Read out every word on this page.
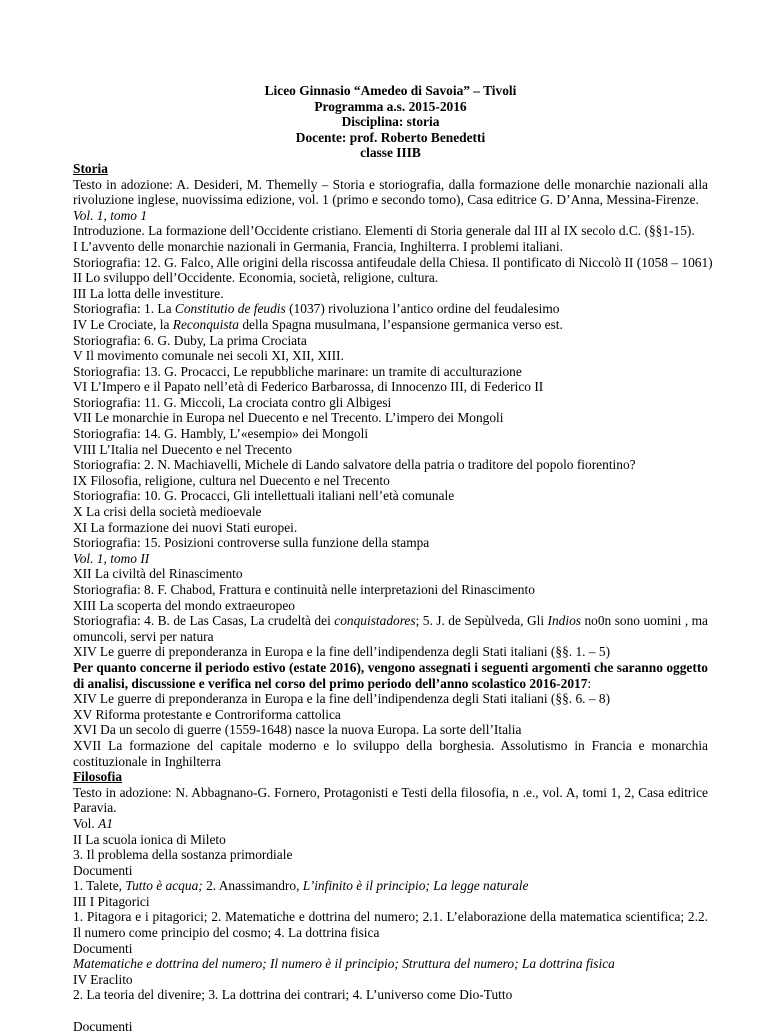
Liceo Ginnasio “Amedeo di Savoia” – Tivoli
Programma a.s. 2015-2016
Disciplina: storia
Docente: prof. Roberto Benedetti
classe IIIB
Storia
Testo in adozione: A. Desideri, M. Themelly – Storia e storiografia, dalla formazione delle monarchie nazionali alla rivoluzione inglese, nuovissima edizione, vol. 1 (primo e secondo tomo), Casa editrice G. D’Anna, Messina-Firenze.
Vol. 1, tomo 1
Introduzione. La formazione dell’Occidente cristiano. Elementi di Storia generale dal III al IX secolo d.C. (§§1-15).
I L’avvento delle monarchie nazionali in Germania, Francia, Inghilterra. I problemi italiani.
Storiografia: 12. G. Falco, Alle origini della riscossa antifeudale della Chiesa. Il pontificato di Niccolò II (1058 – 1061)
II Lo sviluppo dell’Occidente. Economia, società, religione, cultura.
III La lotta delle investiture.
Storiografia: 1. La Constitutio de feudis (1037) rivoluziona l’antico ordine del feudalesimo
IV Le Crociate, la Reconquista della Spagna musulmana, l’espansione germanica verso est.
Storiografia: 6. G. Duby, La prima Crociata
V Il movimento comunale nei secoli XI, XII, XIII.
Storiografia: 13. G. Procacci, Le repubbliche marinare: un tramite di acculturazione
VI L’Impero e il Papato nell’età di Federico Barbarossa, di Innocenzo III, di Federico II
Storiografia: 11. G. Miccoli, La crociata contro gli Albigesi
VII Le monarchie in Europa nel Duecento e nel Trecento. L’impero dei Mongoli
Storiografia: 14. G. Hambly, L’«esempio» dei Mongoli
VIII L’Italia nel Duecento e nel Trecento
Storiografia: 2. N. Machiavelli, Michele di Lando salvatore della patria o traditore del popolo fiorentino?
IX Filosofia, religione, cultura nel Duecento e nel Trecento
Storiografia: 10. G. Procacci, Gli intellettuali italiani nell’età comunale
X La crisi della società medioevale
XI La formazione dei nuovi Stati europei.
Storiografia: 15. Posizioni controverse sulla funzione della stampa
Vol. 1, tomo II
XII La civiltà del Rinascimento
Storiografia: 8. F. Chabod, Frattura e continuità nelle interpretazioni del Rinascimento
XIII La scoperta del mondo extraeuropeo
Storiografia: 4. B. de Las Casas, La crudeltà dei conquistadores; 5. J. de Sepùlveda, Gli Indios no0n sono uomini , ma omuncoli, servi per natura
XIV Le guerre di preponderanza in Europa e la fine dell’indipendenza degli Stati italiani (§§. 1. – 5)
Per quanto concerne il periodo estivo (estate 2016), vengono assegnati i seguenti argomenti che saranno oggetto di analisi, discussione e verifica nel corso del primo periodo dell’anno scolastico 2016-2017:
XIV Le guerre di preponderanza in Europa e la fine dell’indipendenza degli Stati italiani (§§. 6. – 8)
XV Riforma protestante e Controriforma cattolica
XVI Da un secolo di guerre (1559-1648) nasce la nuova Europa. La sorte dell’Italia
XVII La formazione del capitale moderno e lo sviluppo della borghesia. Assolutismo in Francia e monarchia costituzionale in Inghilterra
Filosofia
Testo in adozione: N. Abbagnano-G. Fornero, Protagonisti e Testi della filosofia, n .e., vol. A, tomi 1, 2, Casa editrice Paravia.
Vol. A1
II La scuola ionica di Mileto
3. Il problema della sostanza primordiale
Documenti
1. Talete, Tutto è acqua; 2. Anassimandro, L’infinito è il principio; La legge naturale
III I Pitagorici
1. Pitagora e i pitagorici; 2. Matematiche e dottrina del numero; 2.1. L’elaborazione della matematica scientifica; 2.2. Il numero come principio del cosmo; 4. La dottrina fisica
Documenti
Matematiche e dottrina del numero; Il numero è il principio; Struttura del numero; La dottrina fisica
IV Eraclito
2. La teoria del divenire; 3. La dottrina dei contrari; 4. L’universo come Dio-Tutto
Documenti
